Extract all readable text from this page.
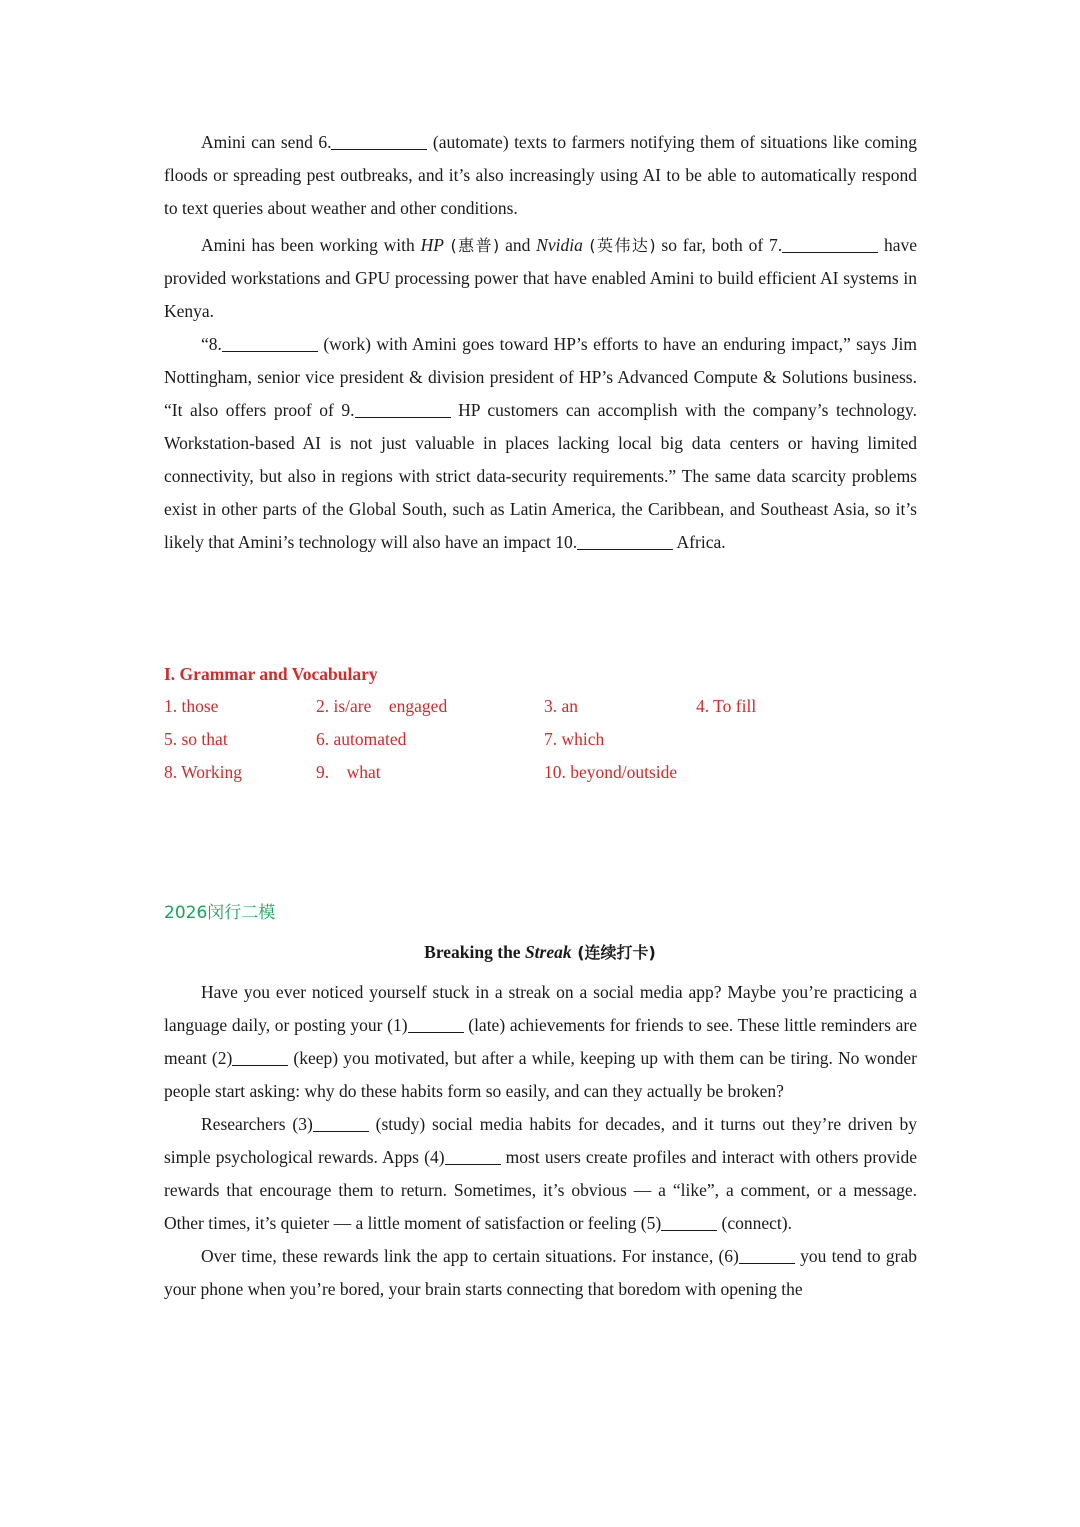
Amini can send 6.	(automate) texts to farmers notifying them of situations like coming floods or spreading pest outbreaks, and it’s also increasingly using AI to be able to automatically respond to text queries about weather and other conditions.

Amini has been working with HP (惠普) and Nvidia (英伟达) so far, both of 7.	have provided workstations and GPU processing power that have enabled Amini to build efficient AI systems in Kenya.

“8.	(work) with Amini goes toward HP’s efforts to have an enduring impact,” says Jim Nottingham, senior vice president & division president of HP’s Advanced Compute & Solutions business. “It also offers proof of 9.	HP customers can accomplish with the company’s technology. Workstation-based AI is not just valuable in places lacking local big data centers or having limited connectivity, but also in regions with strict data-security requirements.” The same data scarcity problems exist in other parts of the Global South, such as Latin America, the Caribbean, and Southeast Asia, so it’s likely that Amini’s technology will also have an impact 10.	Africa.

I. Grammar and Vocabulary
1. those	2. is/are    engaged	3. an	4. To fill
5. so that	6. automated	7. which
8. Working	9.    what	10. beyond/outside
2026闵行二模
Breaking the Streak (连续打卡)

Have you ever noticed yourself stuck in a streak on a social media app? Maybe you’re practicing a language daily, or posting your (1)	(late) achievements for friends to see. These little reminders are meant (2)	(keep) you motivated, but after a while, keeping up with them can be tiring. No wonder people start asking: why do these habits form so easily, and can they actually be broken?

Researchers (3)	(study) social media habits for decades, and it turns out they’re driven by simple psychological rewards. Apps (4)	most users create profiles and interact with others provide rewards that encourage them to return. Sometimes, it’s obvious — a “like”, a comment, or a message. Other times, it’s quieter — a little moment of satisfaction or feeling (5)	(connect).

Over time, these rewards link the app to certain situations. For instance, (6)	you tend to grab your phone when you’re bored, your brain starts connecting that boredom with opening the
